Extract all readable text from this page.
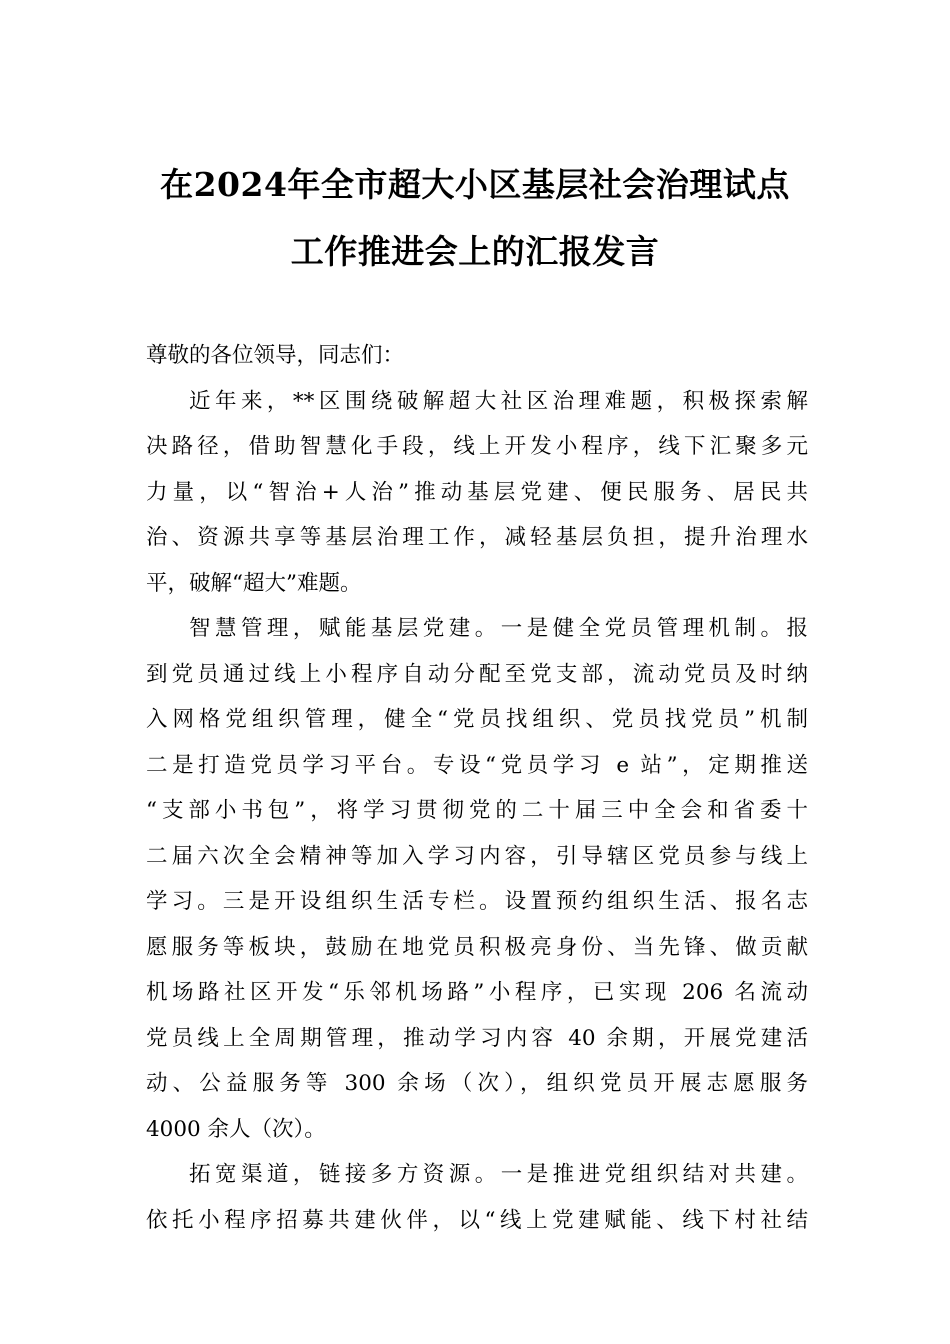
在2024年全市超大小区基层社会治理试点
工作推进会上的汇报发言
尊敬的各位领导，同志们：
近年来，**区围绕破解超大社区治理难题，积极探索解
决路径，借助智慧化手段，线上开发小程序，线下汇聚多元
力量，以“智治+人治”推动基层党建、便民服务、居民共
治、资源共享等基层治理工作，减轻基层负担，提升治理水
平，破解“超大”难题。
智慧管理，赋能基层党建。一是健全党员管理机制。报
到党员通过线上小程序自动分配至党支部，流动党员及时纳
入网格党组织管理，健全“党员找组织、党员找党员”机制
二是打造党员学习平台。专设“党员学习 e 站”，定期推送
“支部小书包”，将学习贯彻党的二十届三中全会和省委十
二届六次全会精神等加入学习内容，引导辖区党员参与线上
学习。三是开设组织生活专栏。设置预约组织生活、报名志
愿服务等板块，鼓励在地党员积极亮身份、当先锋、做贡献
机场路社区开发“乐邻机场路”小程序，已实现 206 名流动
党员线上全周期管理，推动学习内容 40 余期，开展党建活
动、公益服务等 300 余场（次），组织党员开展志愿服务
4000 余人（次）。
拓宽渠道，链接多方资源。一是推进党组织结对共建。
依托小程序招募共建伙伴，以“线上党建赋能、线下村社结
